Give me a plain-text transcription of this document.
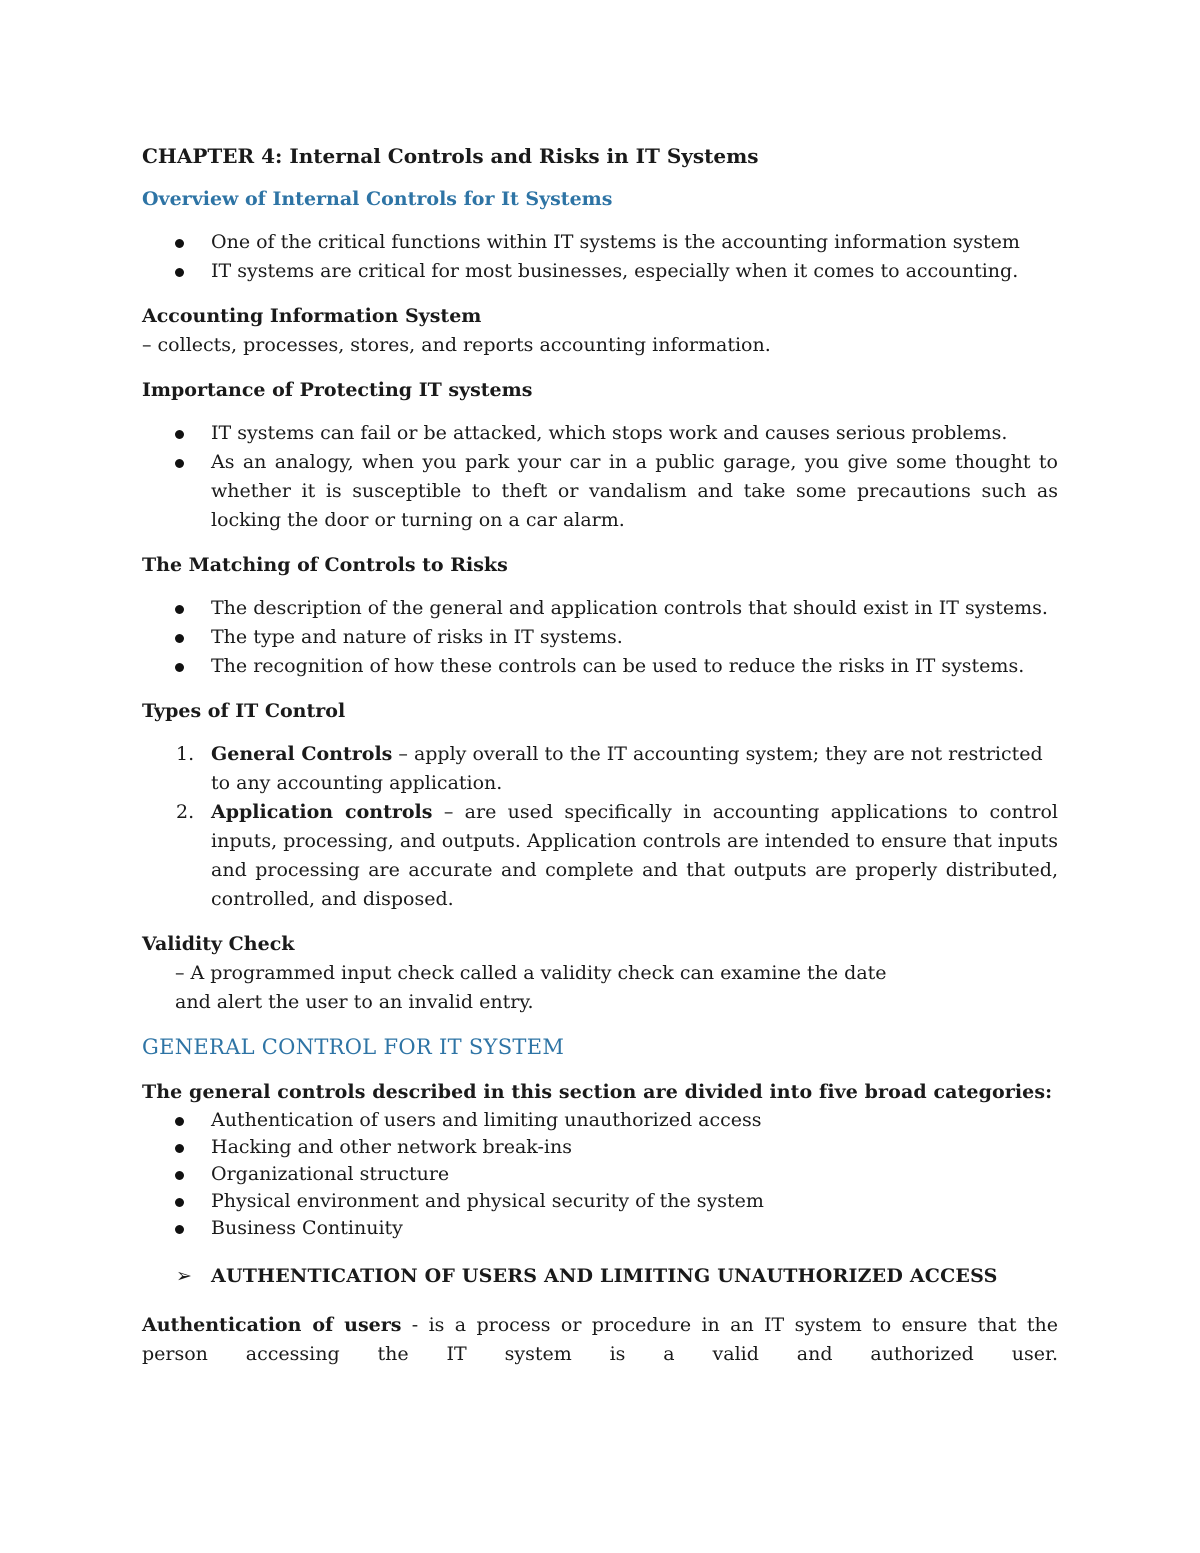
CHAPTER 4: Internal Controls and Risks in IT Systems

Overview of Internal Controls for It Systems

One of the critical functions within IT systems is the accounting information system
IT systems are critical for most businesses, especially when it comes to accounting.

Accounting Information System

– collects, processes, stores, and reports accounting information.

Importance of Protecting IT systems

IT systems can fail or be attacked, which stops work and causes serious problems.
As an analogy, when you park your car in a public garage, you give some thought to whether it is susceptible to theft or vandalism and take some precautions such as locking the door or turning on a car alarm.

The Matching of Controls to Risks

The description of the general and application controls that should exist in IT systems.
The type and nature of risks in IT systems.
The recognition of how these controls can be used to reduce the risks in IT systems.

Types of IT Control

1. General Controls – apply overall to the IT accounting system; they are not restricted to any accounting application.
2. Application controls – are used specifically in accounting applications to control inputs, processing, and outputs. Application controls are intended to ensure that inputs and processing are accurate and complete and that outputs are properly distributed, controlled, and disposed.

Validity Check

– A programmed input check called a validity check can examine the date and alert the user to an invalid entry.

GENERAL CONTROL FOR IT SYSTEM

The general controls described in this section are divided into five broad categories:

Authentication of users and limiting unauthorized access
Hacking and other network break-ins
Organizational structure
Physical environment and physical security of the system
Business Continuity
➢ AUTHENTICATION OF USERS AND LIMITING UNAUTHORIZED ACCESS

Authentication of users - is a process or procedure in an IT system to ensure that the person accessing the IT system is a valid and authorized user.
